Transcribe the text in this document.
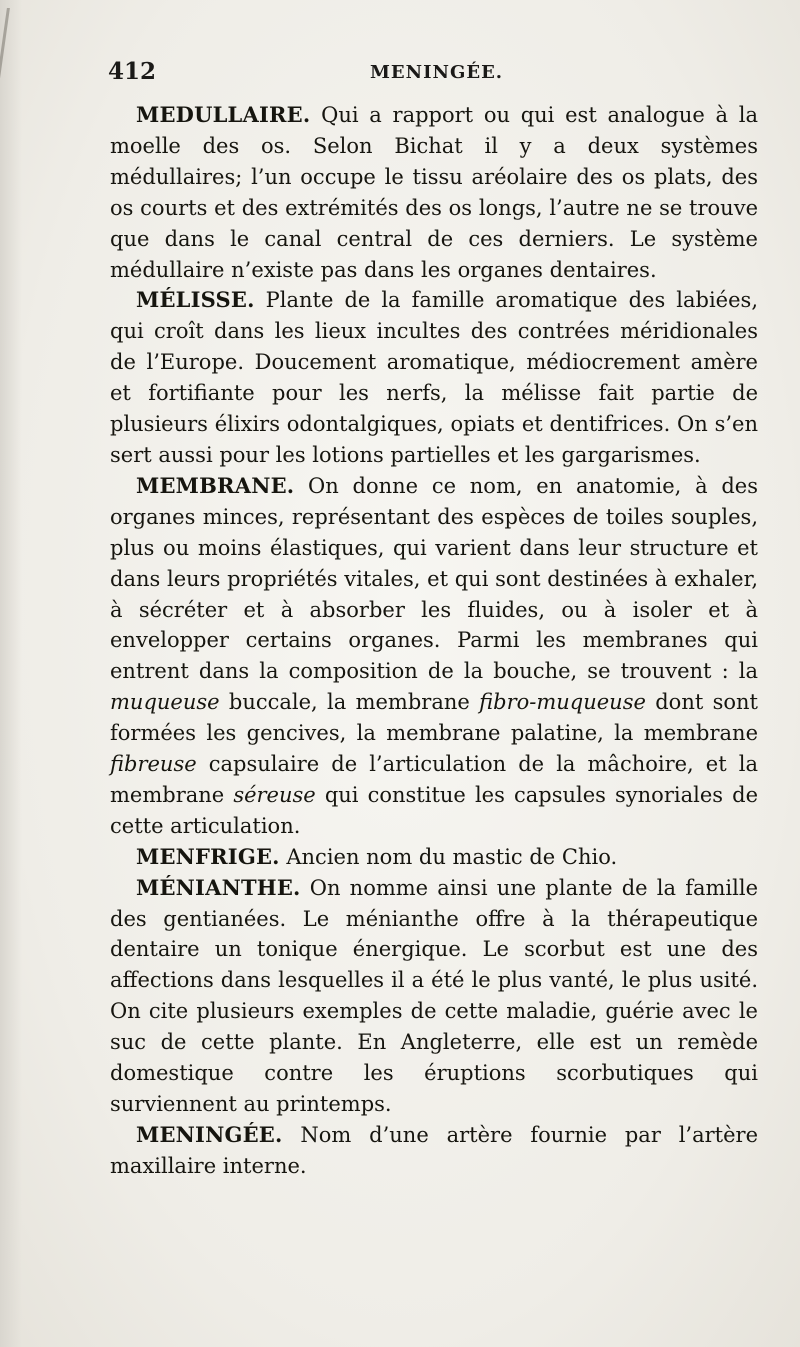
412	MENINGÉE.

MEDULLAIRE. Qui a rapport ou qui est analogue à la moelle des os. Selon Bichat il y a deux systèmes médullaires; l’un occupe le tissu aréolaire des os plats, des os courts et des extrémités des os longs, l’autre ne se trouve que dans le canal central de ces derniers. Le système médullaire n’existe pas dans les organes dentaires.

MÉLISSE. Plante de la famille aromatique des labiées, qui croît dans les lieux incultes des contrées méridionales de l’Europe. Doucement aromatique, médiocrement amère et fortifiante pour les nerfs, la mélisse fait partie de plusieurs élixirs odontalgiques, opiats et dentifrices. On s’en sert aussi pour les lotions partielles et les gargarismes.

MEMBRANE. On donne ce nom, en anatomie, à des organes minces, représentant des espèces de toiles souples, plus ou moins élastiques, qui varient dans leur structure et dans leurs propriétés vitales, et qui sont destinées à exhaler, à sécréter et à absorber les fluides, ou à isoler et à envelopper certains organes. Parmi les membranes qui entrent dans la composition de la bouche, se trouvent : la muqueuse buccale, la membrane fibro-muqueuse dont sont formées les gencives, la membrane palatine, la membrane fibreuse capsulaire de l’articulation de la mâchoire, et la membrane séreuse qui constitue les capsules synoriales de cette articulation.

MENFRIGE. Ancien nom du mastic de Chio.

MÉNIANTHE. On nomme ainsi une plante de la famille des gentianées. Le ménianthe offre à la thérapeutique dentaire un tonique énergique. Le scorbut est une des affections dans lesquelles il a été le plus vanté, le plus usité. On cite plusieurs exemples de cette maladie, guérie avec le suc de cette plante. En Angleterre, elle est un remède domestique contre les éruptions scorbutiques qui surviennent au printemps.

MENINGÉE. Nom d’une artère fournie par l’artère maxillaire interne.
